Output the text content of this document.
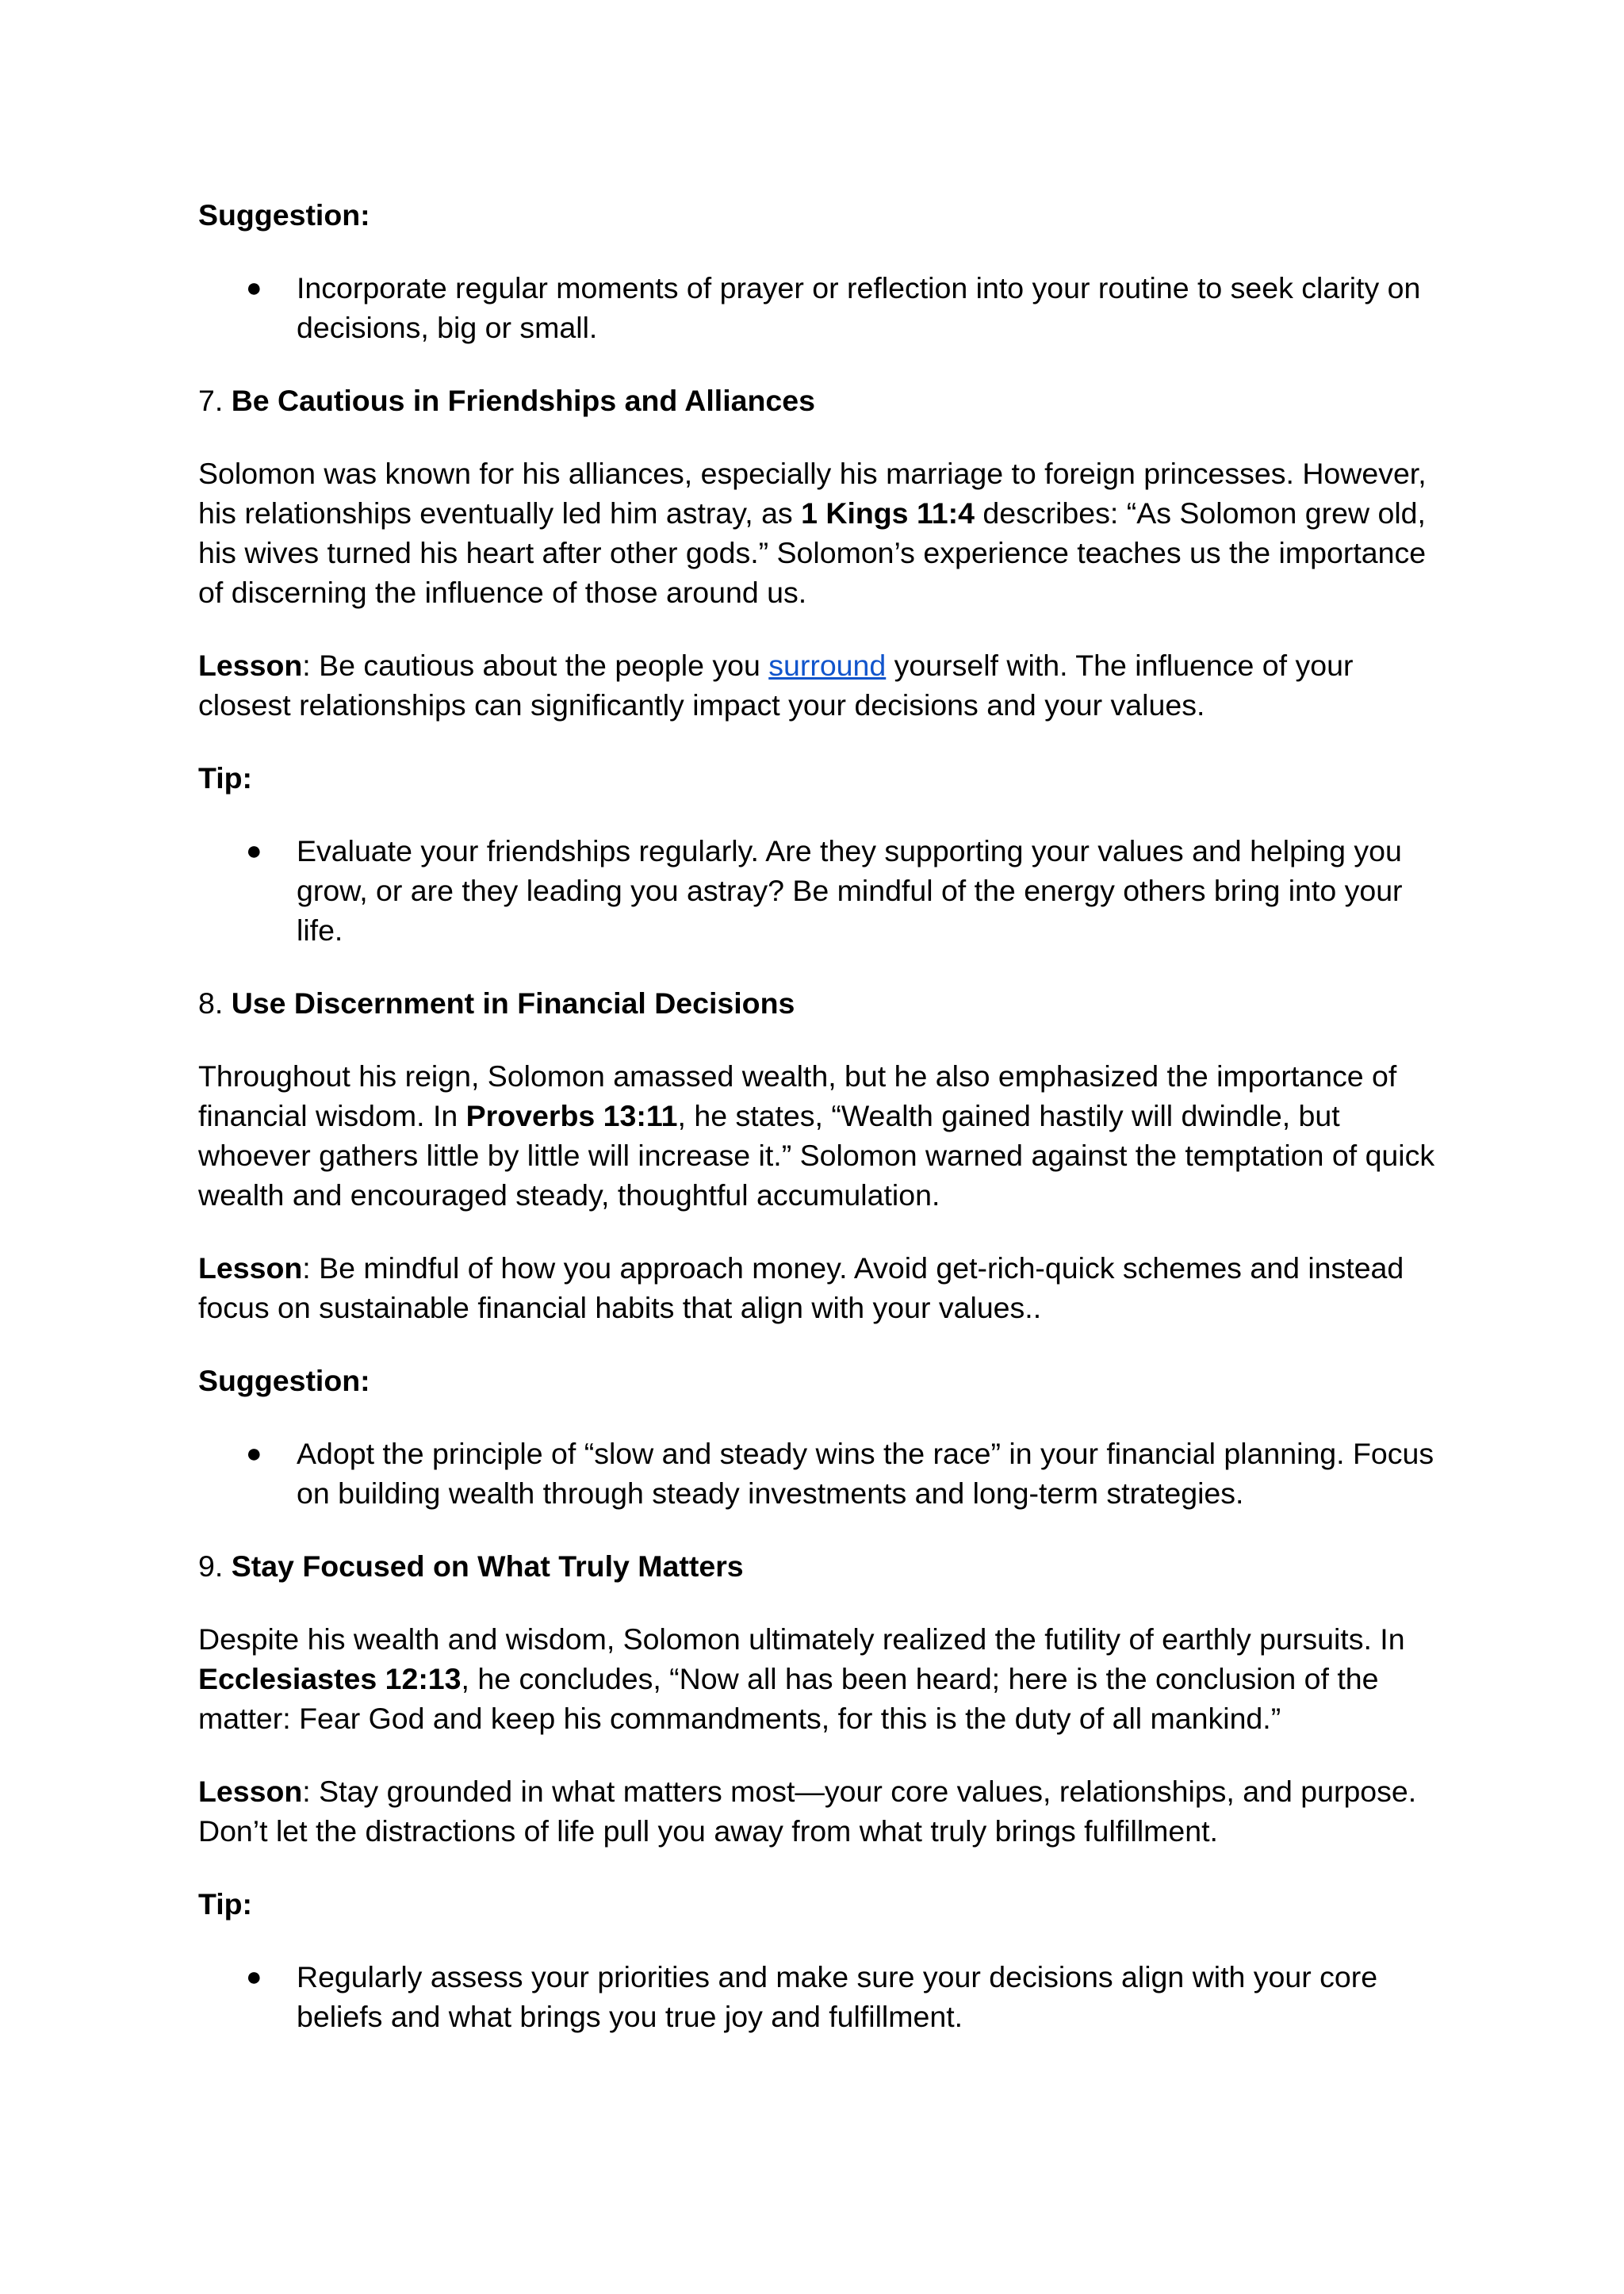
Suggestion:

● Incorporate regular moments of prayer or reflection into your routine to seek clarity on decisions, big or small.

7. Be Cautious in Friendships and Alliances

Solomon was known for his alliances, especially his marriage to foreign princesses. However, his relationships eventually led him astray, as 1 Kings 11:4 describes: “As Solomon grew old, his wives turned his heart after other gods.” Solomon’s experience teaches us the importance of discerning the influence of those around us.

Lesson: Be cautious about the people you surround yourself with. The influence of your closest relationships can significantly impact your decisions and your values.

Tip:

● Evaluate your friendships regularly. Are they supporting your values and helping you grow, or are they leading you astray? Be mindful of the energy others bring into your life.

8. Use Discernment in Financial Decisions

Throughout his reign, Solomon amassed wealth, but he also emphasized the importance of financial wisdom. In Proverbs 13:11, he states, “Wealth gained hastily will dwindle, but whoever gathers little by little will increase it.” Solomon warned against the temptation of quick wealth and encouraged steady, thoughtful accumulation.

Lesson: Be mindful of how you approach money. Avoid get-rich-quick schemes and instead focus on sustainable financial habits that align with your values..

Suggestion:

● Adopt the principle of “slow and steady wins the race” in your financial planning. Focus on building wealth through steady investments and long-term strategies.

9. Stay Focused on What Truly Matters

Despite his wealth and wisdom, Solomon ultimately realized the futility of earthly pursuits. In Ecclesiastes 12:13, he concludes, “Now all has been heard; here is the conclusion of the matter: Fear God and keep his commandments, for this is the duty of all mankind.”

Lesson: Stay grounded in what matters most—your core values, relationships, and purpose. Don’t let the distractions of life pull you away from what truly brings fulfillment.

Tip:

● Regularly assess your priorities and make sure your decisions align with your core beliefs and what brings you true joy and fulfillment.
